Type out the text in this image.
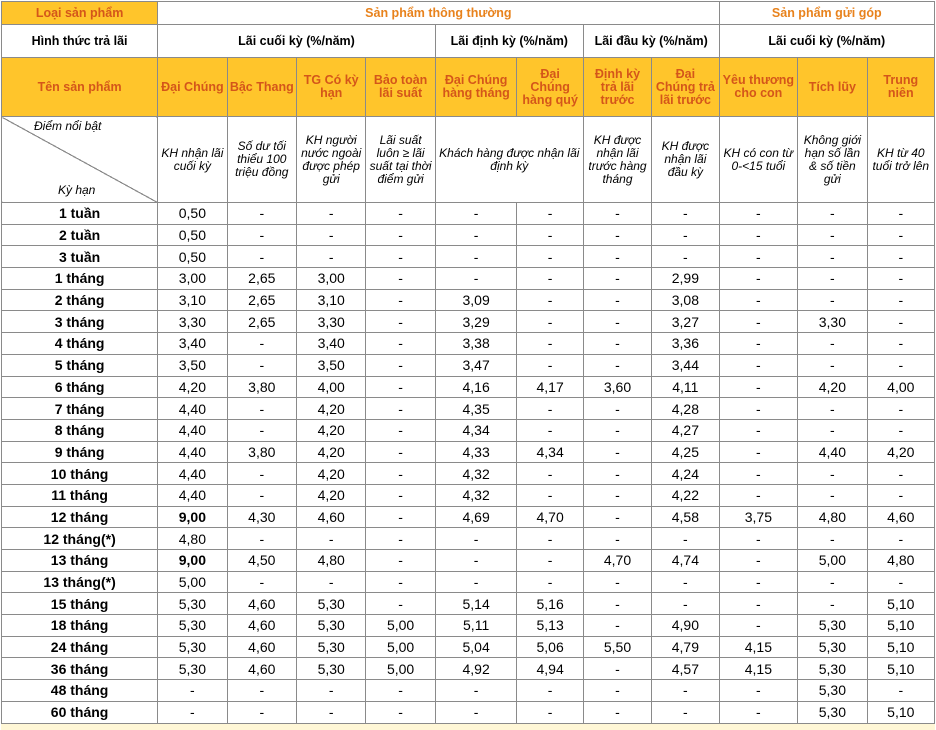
Loại sản phẩm	Sản phẩm thông thường								Sản phẩm gửi góp		
Hình thức trả lãi	Lãi cuối kỳ (%/năm)				Lãi định kỳ (%/năm)		Lãi đầu kỳ (%/năm)		Lãi cuối kỳ (%/năm)		
Tên sản phẩm	Đại Chúng	Bậc Thang	TG Có kỳ hạn	Bảo toàn lãi suất	Đại Chúng hàng tháng	Đại Chúng hàng quý	Định kỳ trả lãi trước	Đại Chúng trả lãi trước	Yêu thương cho con	Tích lũy	Trung niên

Điểm nổi bật
Kỳ hạn	KH nhận lãi cuối kỳ	Số dư tối thiểu 100 triệu đồng	KH người nước ngoài được phép gửi	Lãi suất luôn ≥ lãi suất tại thời điểm gửi	Khách hàng được nhận lãi định kỳ		KH được nhận lãi trước hàng tháng	KH được nhận lãi đầu kỳ	KH có con từ 0-<15 tuổi	Không giới hạn số lần & số tiền gửi	KH từ 40 tuổi trở lên
1 tuần	0,50	-	-	-	-	-	-	-	-	-	-
2 tuần	0,50	-	-	-	-	-	-	-	-	-	-
3 tuần	0,50	-	-	-	-	-	-	-	-	-	-
1 tháng	3,00	2,65	3,00	-	-	-	-	2,99	-	-	-
2 tháng	3,10	2,65	3,10	-	3,09	-	-	3,08	-	-	-
3 tháng	3,30	2,65	3,30	-	3,29	-	-	3,27	-	3,30	-
4 tháng	3,40	-	3,40	-	3,38	-	-	3,36	-	-	-
5 tháng	3,50	-	3,50	-	3,47	-	-	3,44	-	-	-
6 tháng	4,20	3,80	4,00	-	4,16	4,17	3,60	4,11	-	4,20	4,00
7 tháng	4,40	-	4,20	-	4,35	-	-	4,28	-	-	-
8 tháng	4,40	-	4,20	-	4,34	-	-	4,27	-	-	-
9 tháng	4,40	3,80	4,20	-	4,33	4,34	-	4,25	-	4,40	4,20
10 tháng	4,40	-	4,20	-	4,32	-	-	4,24	-	-	-
11 tháng	4,40	-	4,20	-	4,32	-	-	4,22	-	-	-
12 tháng	9,00	4,30	4,60	-	4,69	4,70	-	4,58	3,75	4,80	4,60
12 tháng(*)	4,80	-	-	-	-	-	-	-	-	-	-
13 tháng	9,00	4,50	4,80	-	-	-	4,70	4,74	-	5,00	4,80
13 tháng(*)	5,00	-	-	-	-	-	-	-	-	-	-
15 tháng	5,30	4,60	5,30	-	5,14	5,16	-	-	-	-	5,10
18 tháng	5,30	4,60	5,30	5,00	5,11	5,13	-	4,90	-	5,30	5,10
24 tháng	5,30	4,60	5,30	5,00	5,04	5,06	5,50	4,79	4,15	5,30	5,10
36 tháng	5,30	4,60	5,30	5,00	4,92	4,94	-	4,57	4,15	5,30	5,10
48 tháng	-	-	-	-	-	-	-	-	-	5,30	-
60 tháng	-	-	-	-	-	-	-	-	-	5,30	5,10
